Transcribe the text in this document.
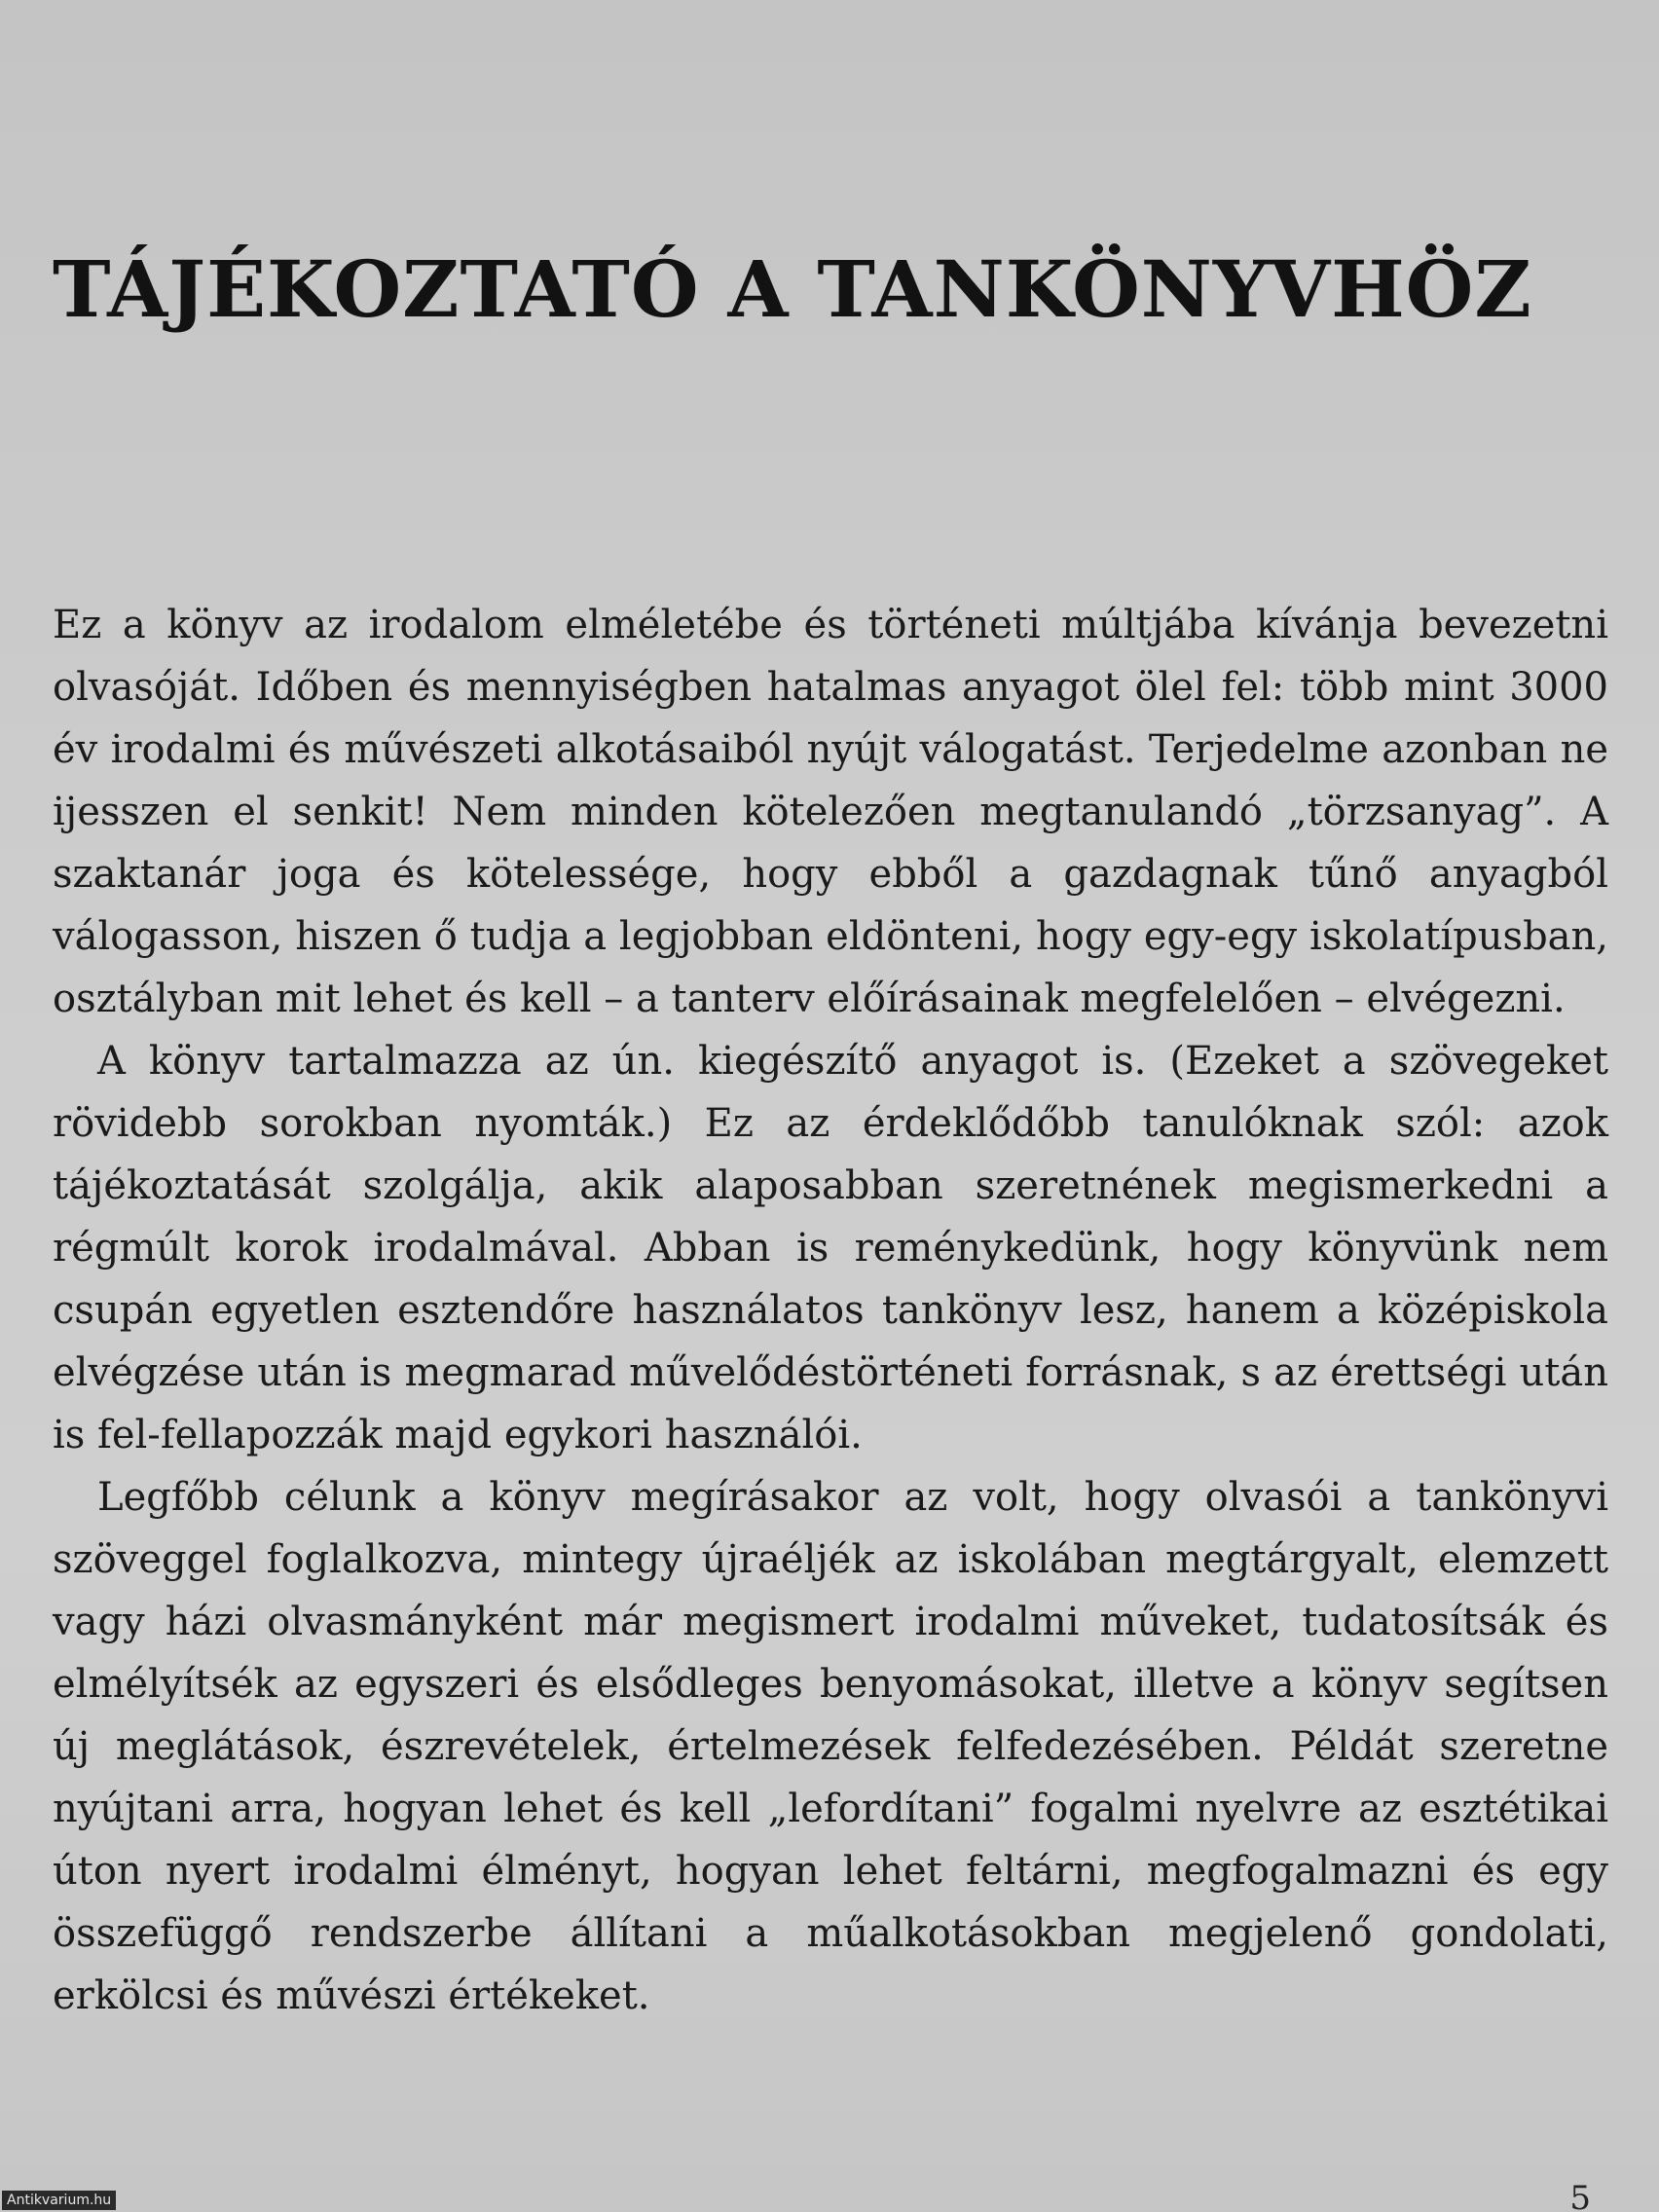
TÁJÉKOZTATÓ A TANKÖNYVHÖZ

Ez a könyv az irodalom elméletébe és történeti múltjába kívánja bevezetni olvasóját. Időben és mennyiségben hatalmas anyagot ölel fel: több mint 3000 év irodalmi és művészeti alkotásaiból nyújt válogatást. Terjedelme azonban ne ijesszen el senkit! Nem minden kötelezően megtanulandó „törzsanyag”. A szaktanár joga és kötelessége, hogy ebből a gazdagnak tűnő anyagból válogasson, hiszen ő tudja a legjobban eldönteni, hogy egy-egy iskolatípusban, osztályban mit lehet és kell – a tanterv előírásainak megfelelően – elvégezni.

A könyv tartalmazza az ún. kiegészítő anyagot is. (Ezeket a szövegeket rövidebb sorokban nyomták.) Ez az érdeklődőbb tanulóknak szól: azok tájékoztatását szolgálja, akik alaposabban szeretnének megismerkedni a régmúlt korok irodalmával. Abban is reménykedünk, hogy könyvünk nem csupán egyetlen esztendőre használatos tankönyv lesz, hanem a középiskola elvégzése után is megmarad művelődéstörténeti forrásnak, s az érettségi után is fel-fellapozzák majd egykori használói.

Legfőbb célunk a könyv megírásakor az volt, hogy olvasói a tankönyvi szöveggel foglalkozva, mintegy újraéljék az iskolában megtárgyalt, elemzett vagy házi olvasmányként már megismert irodalmi műveket, tudatosítsák és elmélyítsék az egyszeri és elsődleges benyomásokat, illetve a könyv segítsen új meglátások, észrevételek, értelmezések felfedezésében. Példát szeretne nyújtani arra, hogyan lehet és kell „lefordítani” fogalmi nyelvre az esztétikai úton nyert irodalmi élményt, hogyan lehet feltárni, megfogalmazni és egy összefüggő rendszerbe állítani a műalkotásokban megjelenő gondolati, erkölcsi és művészi értékeket.

5
Antikvarium.hu
